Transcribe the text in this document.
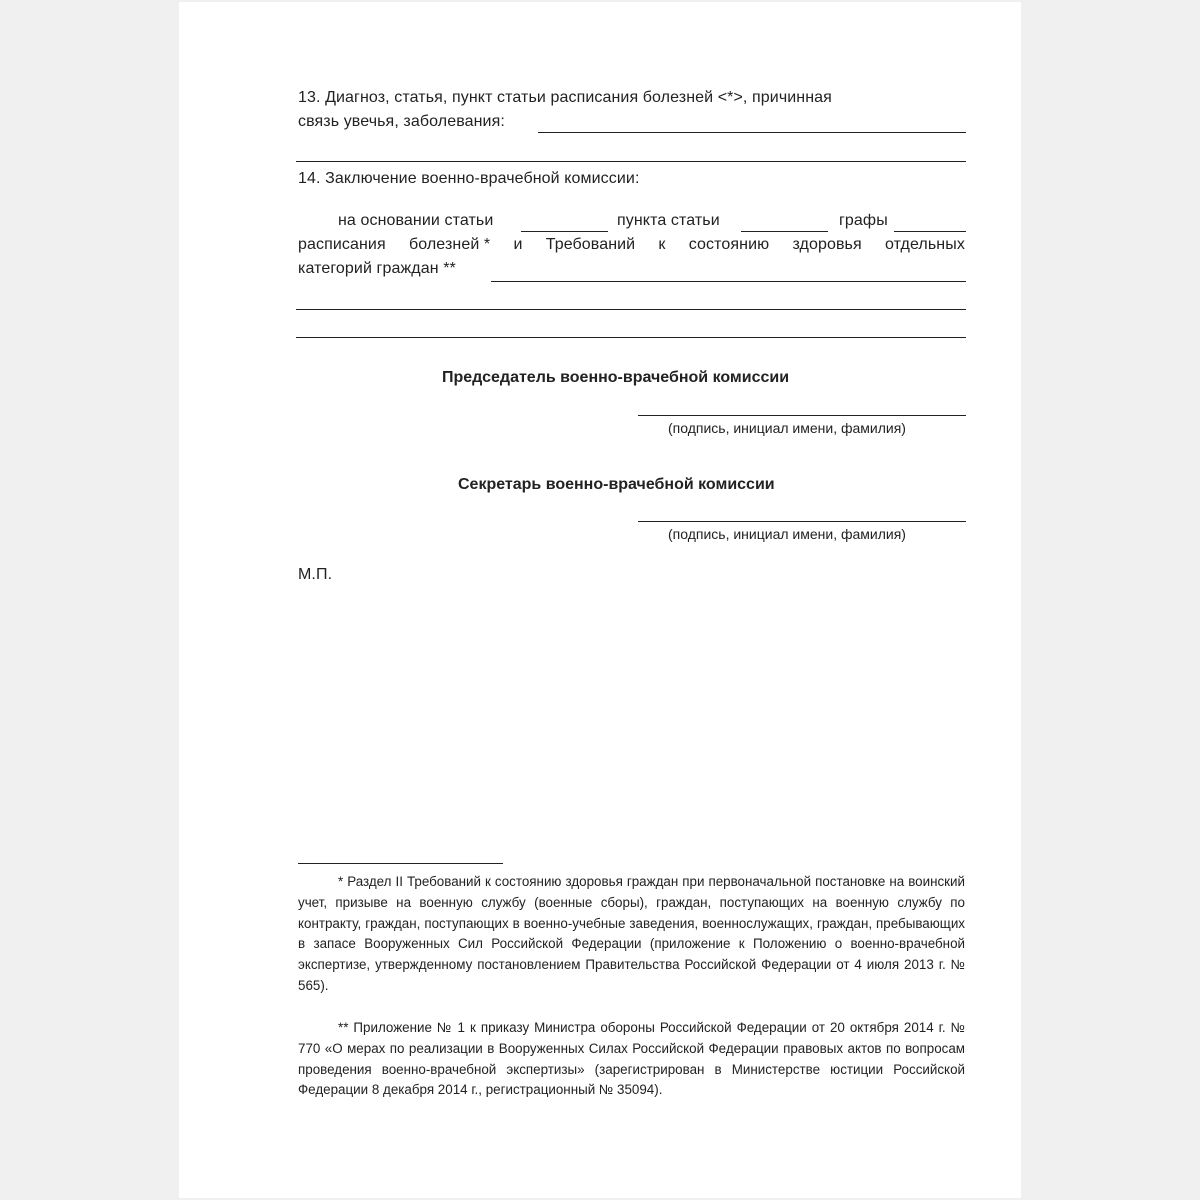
13. Диагноз, статья, пункт статьи расписания болезней <*>, причинная
связь увечья, заболевания:
14. Заключение военно-врачебной комиссии:
на основании статьи	пункта статьи	графы
расписания болезней * и Требований к состоянию здоровья отдельных
категорий граждан **
Председатель военно-врачебной комиссии
(подпись, инициал имени, фамилия)
Секретарь военно-врачебной комиссии
(подпись, инициал имени, фамилия)
М.П.

* Раздел II Требований к состоянию здоровья граждан при первоначальной постановке на воинский учет, призыве на военную службу (военные сборы), граждан, поступающих на военную службу по контракту, граждан, поступающих в военно-учебные заведения, военнослужащих, граждан, пребывающих в запасе Вооруженных Сил Российской Федерации (приложение к Положению о военно-врачебной экспертизе, утвержденному постановлением Правительства Российской Федерации от 4 июля 2013 г. № 565).

** Приложение № 1 к приказу Министра обороны Российской Федерации от 20 октября 2014 г. № 770 «О мерах по реализации в Вооруженных Силах Российской Федерации правовых актов по вопросам проведения военно-врачебной экспертизы» (зарегистрирован в Министерстве юстиции Российской Федерации 8 декабря 2014 г., регистрационный № 35094).
